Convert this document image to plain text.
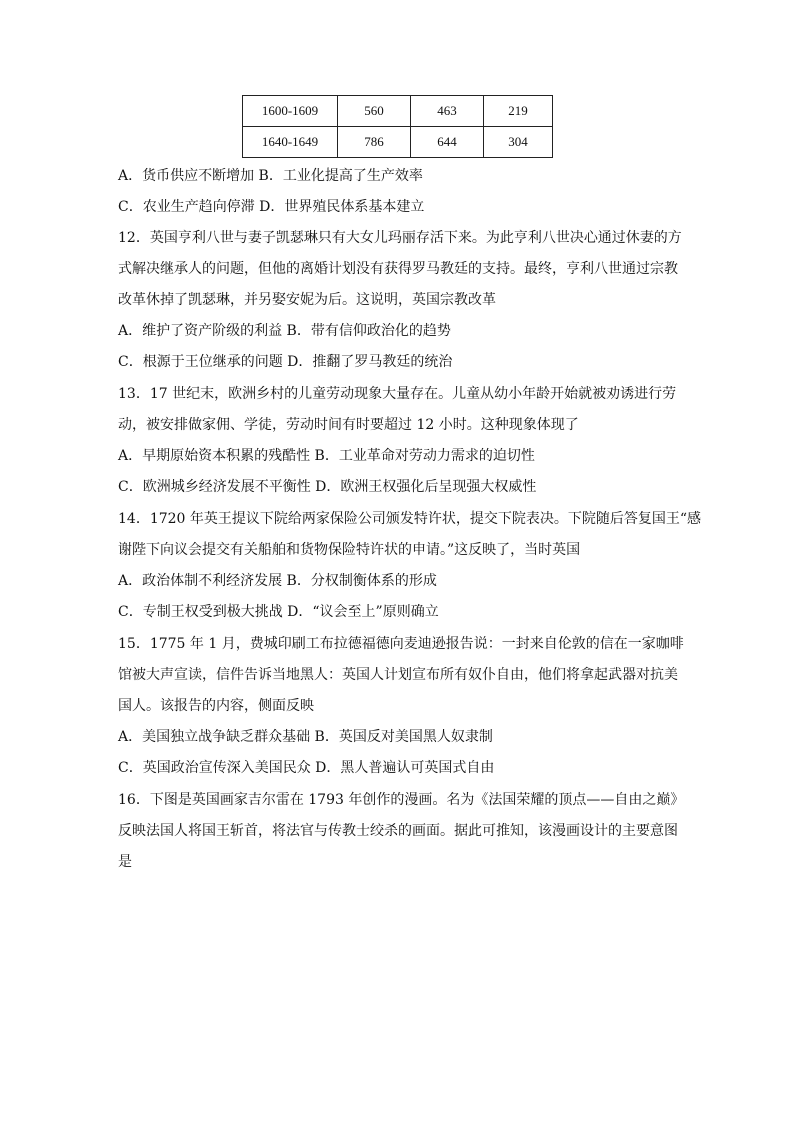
1600-1609	560	463	219
1640-1649	786	644	304
A．货币供应不断增加 B．工业化提高了生产效率
C．农业生产趋向停滞 D．世界殖民体系基本建立
12．英国亨利八世与妻子凯瑟琳只有大女儿玛丽存活下来。为此亨利八世决心通过休妻的方
式解决继承人的问题，但他的离婚计划没有获得罗马教廷的支持。最终，亨利八世通过宗教
改革休掉了凯瑟琳，并另娶安妮为后。这说明，英国宗教改革
A．维护了资产阶级的利益 B．带有信仰政治化的趋势
C．根源于王位继承的问题 D．推翻了罗马教廷的统治
13．17 世纪末，欧洲乡村的儿童劳动现象大量存在。儿童从幼小年龄开始就被劝诱进行劳
动，被安排做家佣、学徒，劳动时间有时要超过 12 小时。这种现象体现了
A．早期原始资本积累的残酷性 B．工业革命对劳动力需求的迫切性
C．欧洲城乡经济发展不平衡性 D．欧洲王权强化后呈现强大权威性
14．1720 年英王提议下院给两家保险公司颁发特许状，提交下院表决。下院随后答复国王“感
谢陛下向议会提交有关船舶和货物保险特许状的申请。”这反映了，当时英国
A．政治体制不利经济发展 B．分权制衡体系的形成
C．专制王权受到极大挑战 D．“议会至上”原则确立
15．1775 年 1 月，费城印刷工布拉德福德向麦迪逊报告说：一封来自伦敦的信在一家咖啡
馆被大声宣读，信件告诉当地黑人：英国人计划宣布所有奴仆自由，他们将拿起武器对抗美
国人。该报告的内容，侧面反映
A．美国独立战争缺乏群众基础 B．英国反对美国黑人奴隶制
C．英国政治宣传深入美国民众 D．黑人普遍认可英国式自由
16．下图是英国画家吉尔雷在 1793 年创作的漫画。名为《法国荣耀的顶点——自由之巅》
反映法国人将国王斩首，将法官与传教士绞杀的画面。据此可推知，该漫画设计的主要意图
是
